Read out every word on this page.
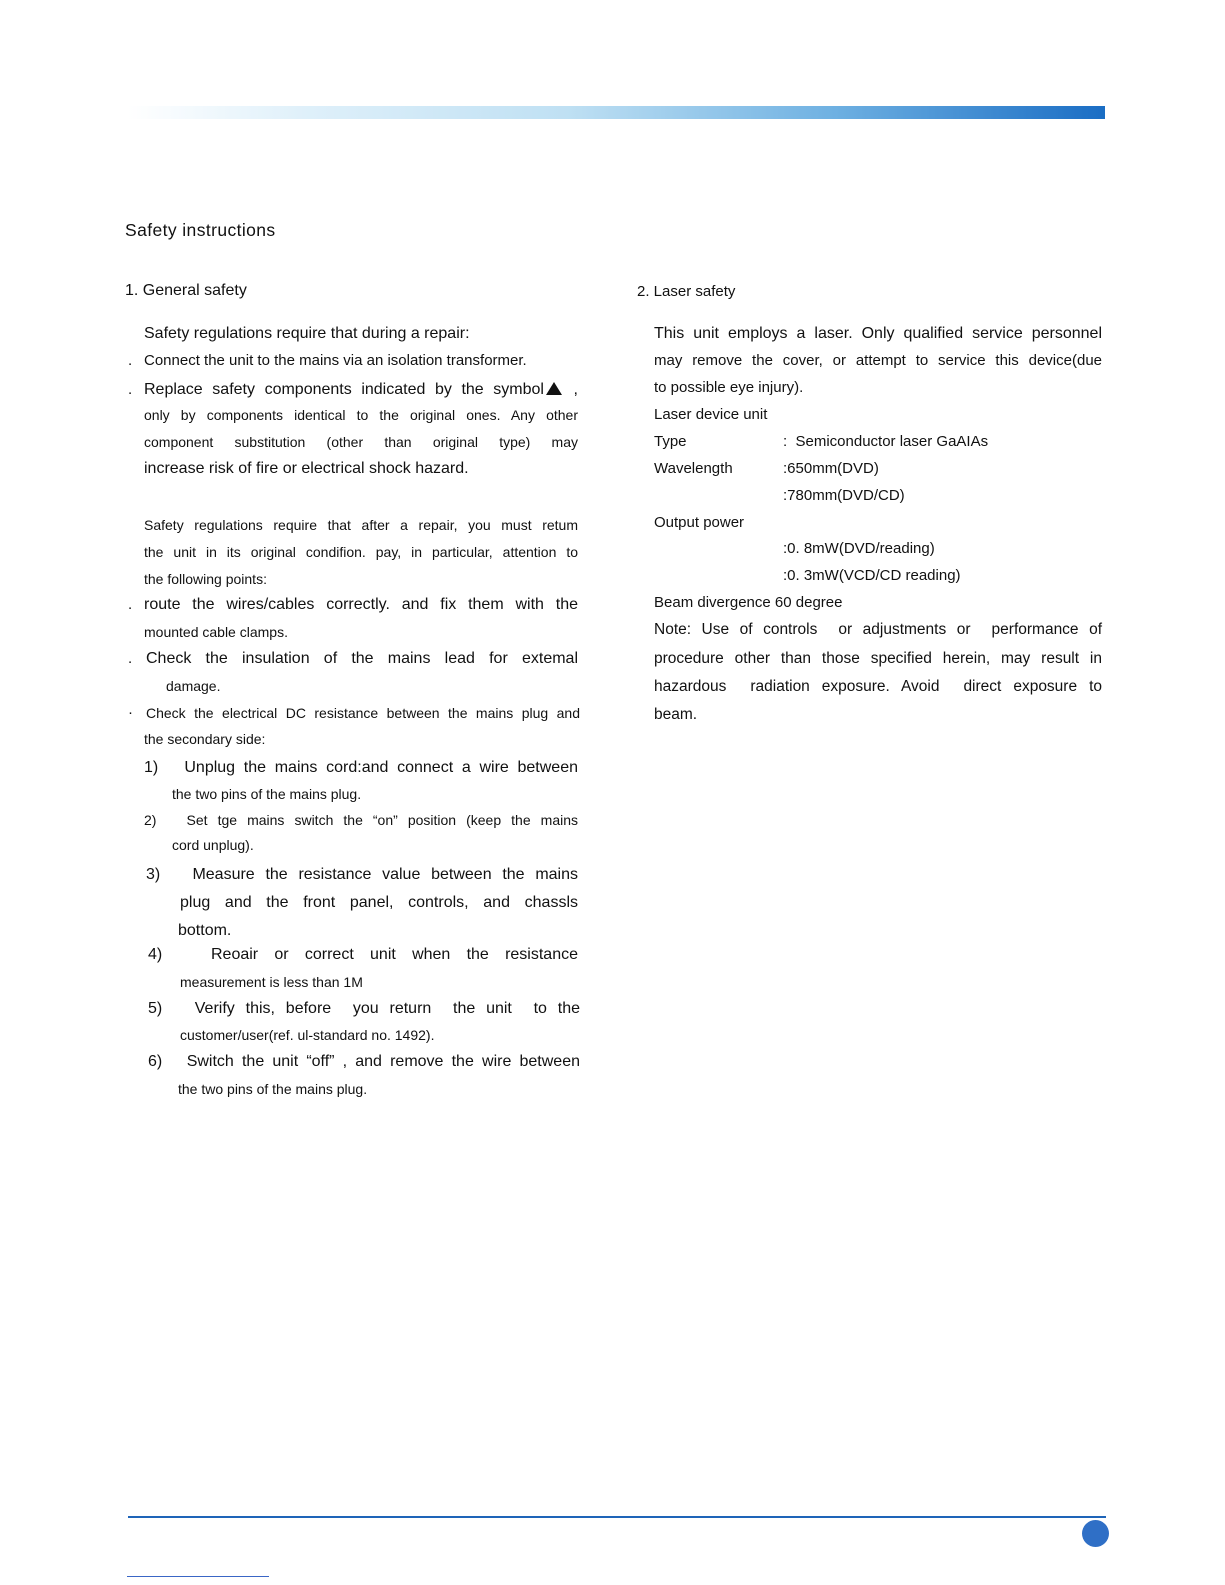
Safety instructions
1. General safety
Safety regulations require that during a repair:
. Connect the unit to the mains via an isolation transformer.
. Replace safety components indicated by the symbol ,
only by components identical to the original ones. Any other
component substitution (other than original type) may
increase risk of fire or electrical shock hazard.
Safety regulations require that after a repair, you must retum
the unit in its original condifion. pay, in particular, attention to
the following points:
. route the wires/cables correctly. and fix them with the
mounted cable clamps.
. Check the insulation of the mains lead for extemal
damage.
· Check the electrical DC resistance between the mains plug and
the secondary side:
1)   Unplug the mains cord:and connect a wire between
the two pins of the mains plug.
2)   Set tge mains switch the “on” position (keep the mains
cord unplug).
3)   Measure the resistance value between the mains
plug and the front panel, controls, and chassls
bottom.
4)   Reoair or correct unit when the resistance
measurement is less than 1M
5)   Verify this, before  you return  the unit  to the
customer/user(ref. ul-standard no. 1492).
6)   Switch the unit “off” , and remove the wire between
the two pins of the mains plug.
2. Laser safety
This unit employs a laser. Only qualified service personnel
may remove the cover, or attempt to service this device(due
to possible eye injury).
Laser device unit
Type	:  Semiconductor laser GaAIAs
Wavelength	:650mm(DVD)
:780mm(DVD/CD)
Output power
:0. 8mW(DVD/reading)
:0. 3mW(VCD/CD reading)
Beam divergence 60 degree
Note: Use of controls  or adjustments or  performance of
procedure other than those specified herein, may result in
hazardous  radiation exposure. Avoid  direct exposure to
beam.
